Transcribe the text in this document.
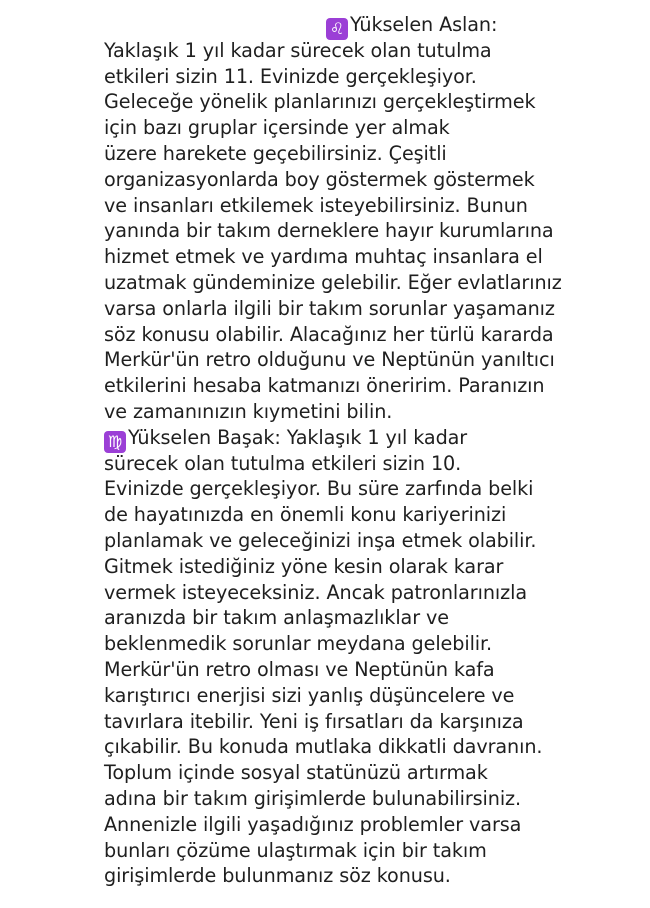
♌ Yükselen Aslan:
Yaklaşık 1 yıl kadar sürecek olan tutulma
etkileri sizin 11. Evinizde gerçekleşiyor.
Geleceğe yönelik planlarınızı gerçekleştirmek
için bazı gruplar içersinde yer almak
üzere harekete geçebilirsiniz. Çeşitli
organizasyonlarda boy göstermek göstermek
ve insanları etkilemek isteyebilirsiniz. Bunun
yanında bir takım derneklere hayır kurumlarına
hizmet etmek ve yardıma muhtaç insanlara el
uzatmak gündeminize gelebilir. Eğer evlatlarınız
varsa onlarla ilgili bir takım sorunlar yaşamanız
söz konusu olabilir. Alacağınız her türlü kararda
Merkür'ün retro olduğunu ve Neptünün yanıltıcı
etkilerini hesaba katmanızı öneririm. Paranızın
ve zamanınızın kıymetini bilin.
♍ Yükselen Başak: Yaklaşık 1 yıl kadar
sürecek olan tutulma etkileri sizin 10.
Evinizde gerçekleşiyor. Bu süre zarfında belki
de hayatınızda en önemli konu kariyerinizi
planlamak ve geleceğinizi inşa etmek olabilir.
Gitmek istediğiniz yöne kesin olarak karar
vermek isteyeceksiniz. Ancak patronlarınızla
aranızda bir takım anlaşmazlıklar ve
beklenmedik sorunlar meydana gelebilir.
Merkür'ün retro olması ve Neptünün kafa
karıştırıcı enerjisi sizi yanlış düşüncelere ve
tavırlara itebilir. Yeni iş fırsatları da karşınıza
çıkabilir. Bu konuda mutlaka dikkatli davranın.
Toplum içinde sosyal statünüzü artırmak
adına bir takım girişimlerde bulunabilirsiniz.
Annenizle ilgili yaşadığınız problemler varsa
bunları çözüme ulaştırmak için bir takım
girişimlerde bulunmanız söz konusu.
